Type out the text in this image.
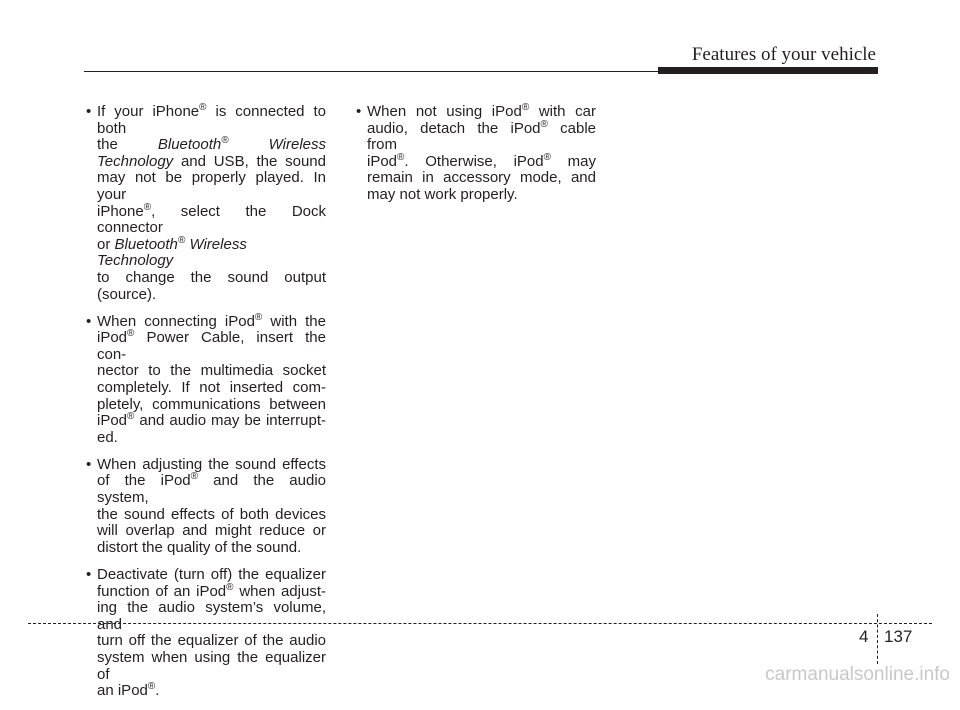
Features of your vehicle
• If your iPhone® is connected to both
the	Bluetooth®	Wireless
Technology and USB, the sound
may not be properly played. In your
iPhone®, select the Dock connector
or Bluetooth® Wireless Technology
to change the sound output
(source).
• When connecting iPod® with the
iPod® Power Cable, insert the con-
nector to the multimedia socket
completely. If not inserted com-
pletely, communications between
iPod® and audio may be interrupt-
ed.
• When adjusting the sound effects
of the iPod® and the audio system,
the sound effects of both devices
will overlap and might reduce or
distort the quality of the sound.
• Deactivate (turn off) the equalizer
function of an iPod® when adjust-
ing the audio system’s volume, and
turn off the equalizer of the audio
system when using the equalizer of
an iPod®.
• When not using iPod® with car
audio, detach the iPod® cable from
iPod®. Otherwise, iPod® may
remain in accessory mode, and
may not work properly.
4 137
carmanualsonline.info
